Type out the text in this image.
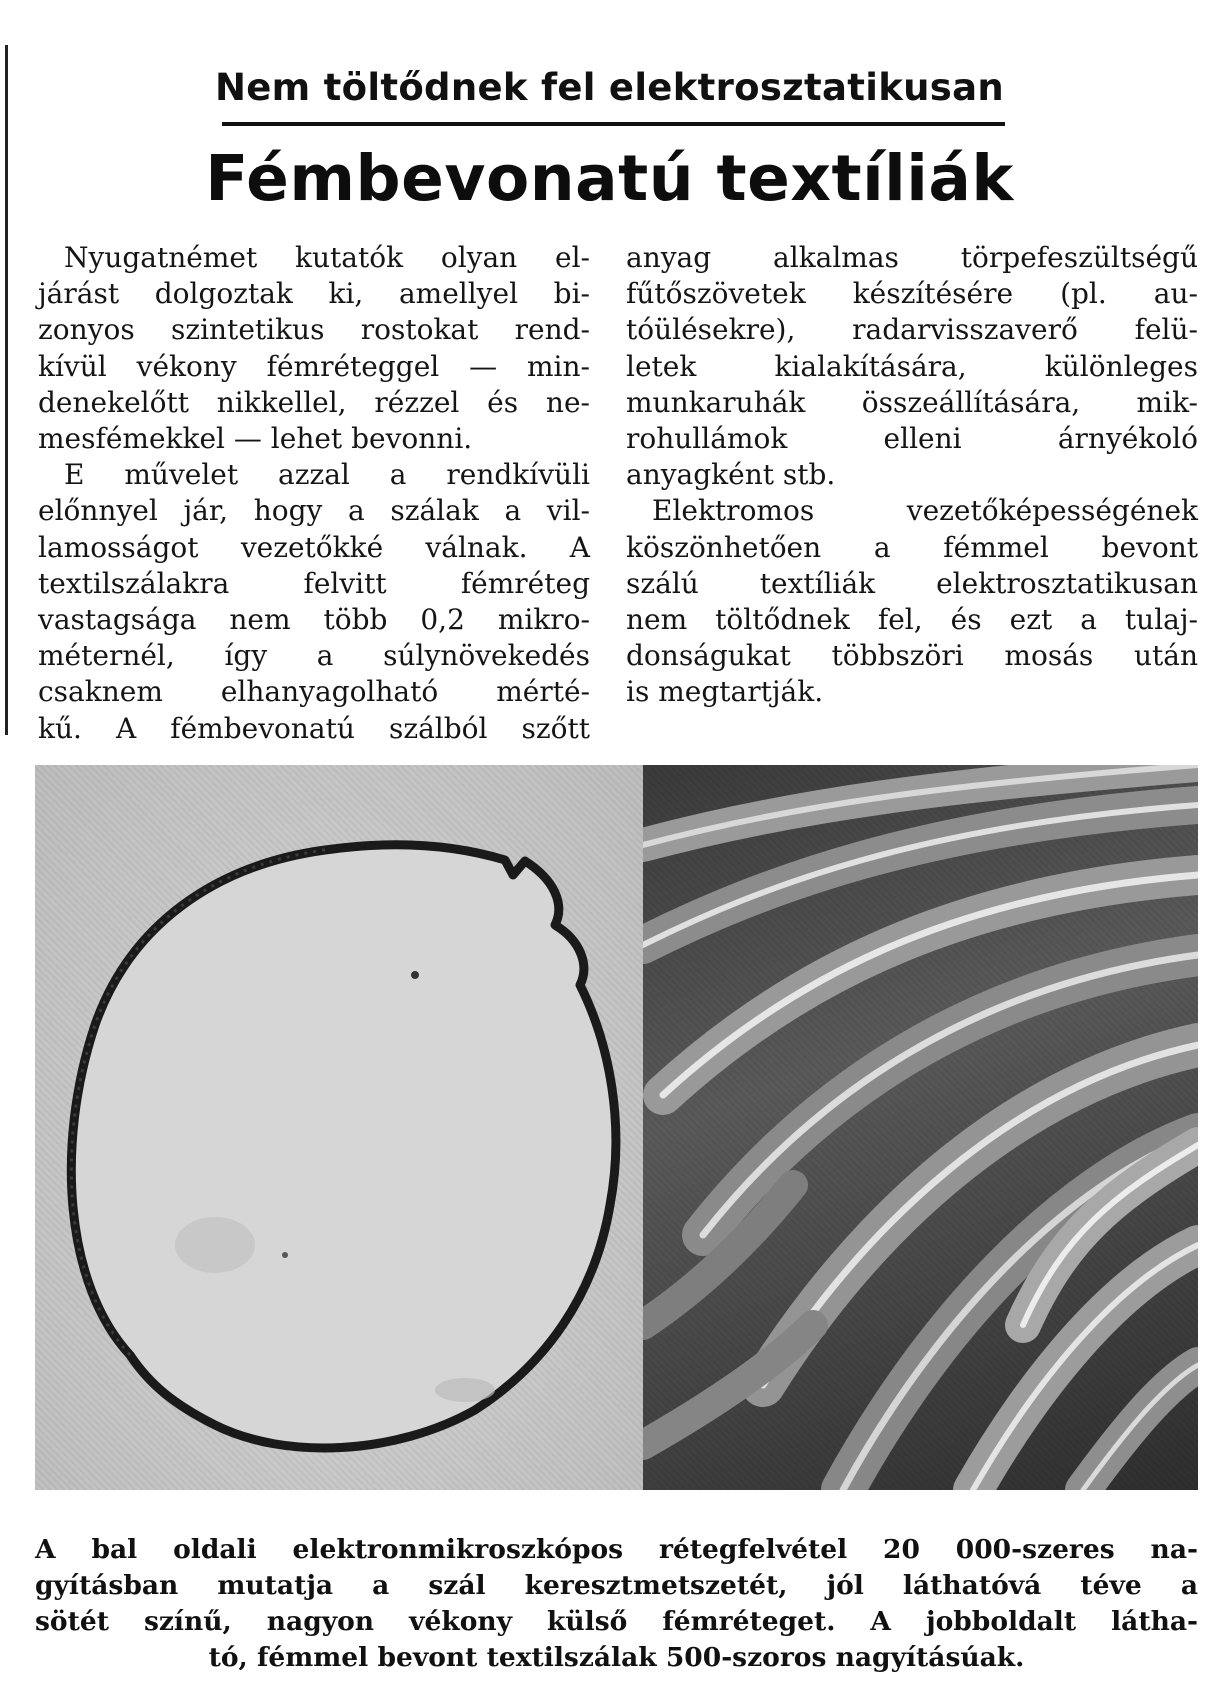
Nem töltődnek fel elektrosztatikusan
Fémbevonatú textíliák
Nyugatnémet kutatók olyan el-
járást dolgoztak ki, amellyel bi-
zonyos szintetikus rostokat rend-
kívül vékony fémréteggel — min-
denekelőtt nikkellel, rézzel és ne-
mesfémekkel — lehet bevonni.
E művelet azzal a rendkívüli
előnnyel jár, hogy a szálak a vil-
lamosságot vezetőkké válnak. A
textilszálakra felvitt fémréteg
vastagsága nem több 0,2 mikro-
méternél, így a súlynövekedés
csaknem elhanyagolható mérté-
kű. A fémbevonatú szálból szőtt
anyag alkalmas törpefeszültségű
fűtőszövetek készítésére (pl. au-
tóülésekre), radarvisszaverő felü-
letek kialakítására, különleges
munkaruhák összeállítására, mik-
rohullámok elleni árnyékoló
anyagként stb.
Elektromos vezetőképességének
köszönhetően a fémmel bevont
szálú textíliák elektrosztatikusan
nem töltődnek fel, és ezt a tulaj-
donságukat többszöri mosás után
is megtartják.
A bal oldali elektronmikroszkópos rétegfelvétel 20 000-szeres na-
gyításban mutatja a szál keresztmetszetét, jól láthatóvá téve a
sötét színű, nagyon vékony külső fémréteget. A jobboldalt látha-
tó, fémmel bevont textilszálak 500-szoros nagyításúak.
